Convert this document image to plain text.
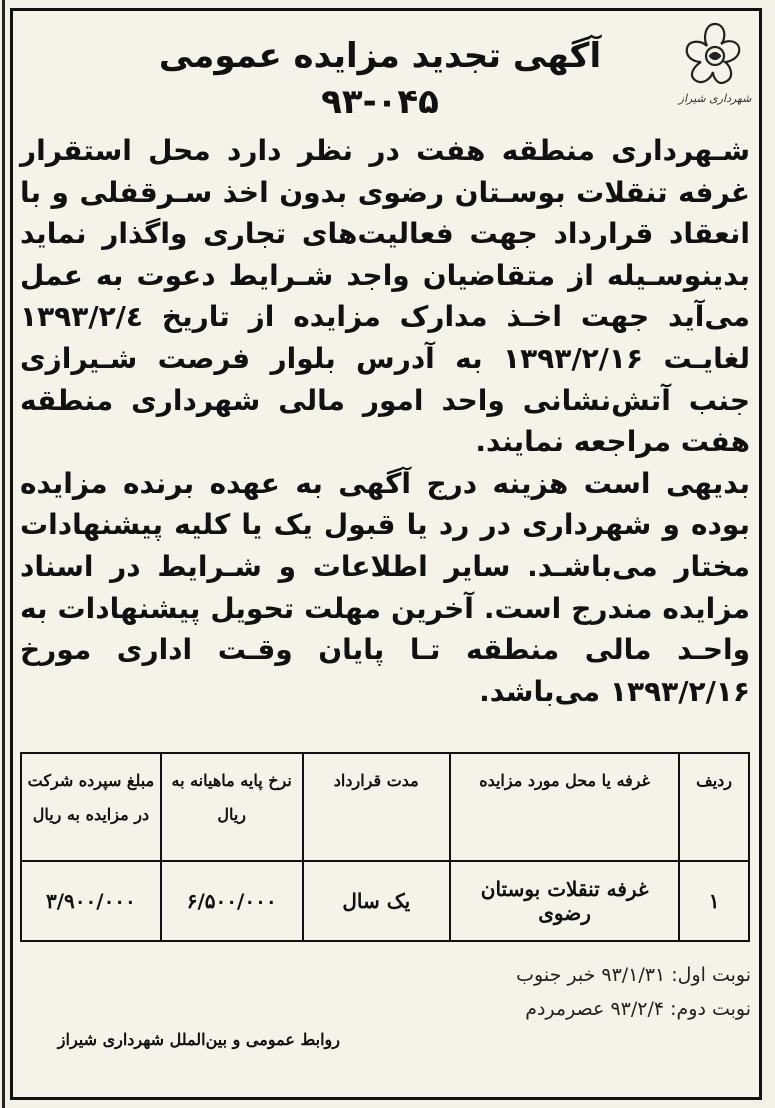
شهرداری شیراز
آگهی تجدید مزایده عمومی
۹۳-۰۴۵

شـهرداری منطقه هفت در نظر دارد محل استقرار غرفه تنقلات بوسـتان رضوی بدون اخذ سـرقفلی و با انعقاد قرارداد جهت فعالیت‌های تجاری واگذار نماید بدینوسـیله از متقاضیان واجد شـرایط دعوت به عمل می‌آید جهت اخـذ مدارک مزایده از تاریخ ۱۳۹۳/۲/٤ لغایـت ۱۳۹۳/۲/۱۶ به آدرس بلوار فرصت شـیرازی جنب آتش‌نشانی واحد امور مالی شهرداری منطقه هفت مراجعه نمایند.

بدیهی است هزینه درج آگهی به عهده برنده مزایده بوده و شهرداری در رد یا قبول یک یا کلیه پیشنهادات مختار می‌باشـد. سایر اطلاعات و شـرایط در اسناد مزایده مندرج است. آخرین مهلت تحویل پیشنهادات به واحـد مالی منطقه تـا پایان وقـت اداری مورخ ۱۳۹۳/۲/۱۶ می‌باشد.

ردیف	غرفه یا محل مورد مزایده	مدت قرارداد	نرخ پایه ماهیانه به ریال	مبلغ سپرده شرکت در مزایده به ریال
۱	غرفه تنقلات بوستان رضوی	یک سال	۶/۵۰۰/۰۰۰	۳/۹۰۰/۰۰۰
نوبت اول: ۹۳/۱/۳۱ خبر جنوب
نوبت دوم: ۹۳/۲/۴ عصرمردم
روابط عمومی و بین‌الملل شهرداری شیراز
